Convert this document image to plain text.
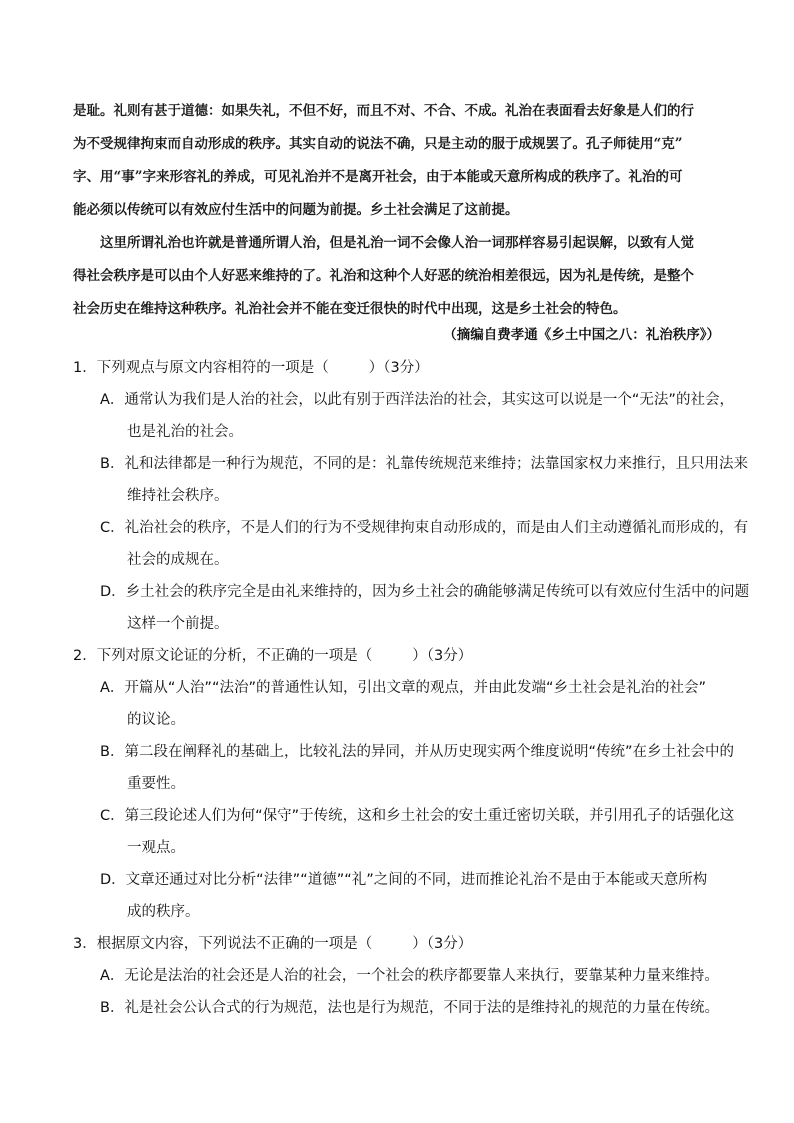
是耻。礼则有甚于道德：如果失礼，不但不好，而且不对、不合、不成。礼治在表面看去好象是人们的行
为不受规律拘束而自动形成的秩序。其实自动的说法不确，只是主动的服于成规罢了。孔子师徒用“克”
字、用“事”字来形容礼的养成，可见礼治并不是离开社会，由于本能或天意所构成的秩序了。礼治的可
能必须以传统可以有效应付生活中的问题为前提。乡土社会满足了这前提。
这里所谓礼治也许就是普通所谓人治，但是礼治一词不会像人治一词那样容易引起误解，以致有人觉
得社会秩序是可以由个人好恶来维持的了。礼治和这种个人好恶的统治相差很远，因为礼是传统，是整个
社会历史在维持这种秩序。礼治社会并不能在变迁很快的时代中出现，这是乡土社会的特色。
（摘编自费孝通《乡土中国之八：礼治秩序》）
1．下列观点与原文内容相符的一项是（	）（3分）
A．通常认为我们是人治的社会，以此有别于西洋法治的社会，其实这可以说是一个“无法”的社会，
也是礼治的社会。
B．礼和法律都是一种行为规范，不同的是：礼靠传统规范来维持；法靠国家权力来推行，且只用法来
维持社会秩序。
C．礼治社会的秩序，不是人们的行为不受规律拘束自动形成的，而是由人们主动遵循礼而形成的，有
社会的成规在。
D．乡土社会的秩序完全是由礼来维持的，因为乡土社会的确能够满足传统可以有效应付生活中的问题
这样一个前提。
2．下列对原文论证的分析，不正确的一项是（	）（3分）
A．开篇从“人治”“法治”的普通性认知，引出文章的观点，并由此发端“乡土社会是礼治的社会”
的议论。
B．第二段在阐释礼的基础上，比较礼法的异同，并从历史现实两个维度说明“传统”在乡土社会中的
重要性。
C．第三段论述人们为何“保守”于传统，这和乡土社会的安土重迁密切关联，并引用孔子的话强化这
一观点。
D．文章还通过对比分析“法律”“道德”“礼”之间的不同，进而推论礼治不是由于本能或天意所构
成的秩序。
3．根据原文内容，下列说法不正确的一项是（	）（3分）
A．无论是法治的社会还是人治的社会，一个社会的秩序都要靠人来执行，要靠某种力量来维持。
B．礼是社会公认合式的行为规范，法也是行为规范，不同于法的是维持礼的规范的力量在传统。
